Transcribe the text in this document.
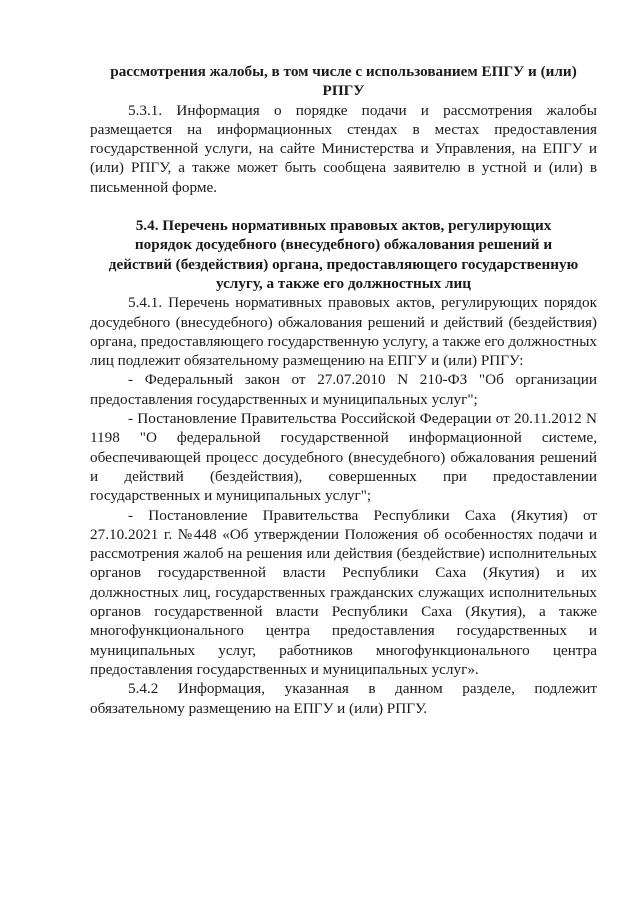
рассмотрения жалобы, в том числе с использованием ЕПГУ и (или) РПГУ

5.3.1. Информация о порядке подачи и рассмотрения жалобы размещается на информационных стендах в местах предоставления государственной услуги, на сайте Министерства и Управления, на ЕПГУ и (или) РПГУ, а также может быть сообщена заявителю в устной и (или) в письменной форме.

5.4. Перечень нормативных правовых актов, регулирующих порядок досудебного (внесудебного) обжалования решений и действий (бездействия) органа, предоставляющего государственную услугу, а также его должностных лиц

5.4.1. Перечень нормативных правовых актов, регулирующих порядок досудебного (внесудебного) обжалования решений и действий (бездействия) органа, предоставляющего государственную услугу, а также его должностных лиц подлежит обязательному размещению на ЕПГУ и (или) РПГУ:

- Федеральный закон от 27.07.2010 N 210-ФЗ "Об организации предоставления государственных и муниципальных услуг";

- Постановление Правительства Российской Федерации от 20.11.2012 N 1198 "О федеральной государственной информационной системе, обеспечивающей процесс досудебного (внесудебного) обжалования решений и действий (бездействия), совершенных при предоставлении государственных и муниципальных услуг";

- Постановление Правительства Республики Саха (Якутия) от 27.10.2021 г. №448 «Об утверждении Положения об особенностях подачи и рассмотрения жалоб на решения или действия (бездействие) исполнительных органов государственной власти Республики Саха (Якутия) и их должностных лиц, государственных гражданских служащих исполнительных органов государственной власти Республики Саха (Якутия), а также многофункционального центра предоставления государственных и муниципальных услуг, работников многофункционального центра предоставления государственных и муниципальных услуг».

5.4.2 Информация, указанная в данном разделе, подлежит обязательному размещению на ЕПГУ и (или) РПГУ.
